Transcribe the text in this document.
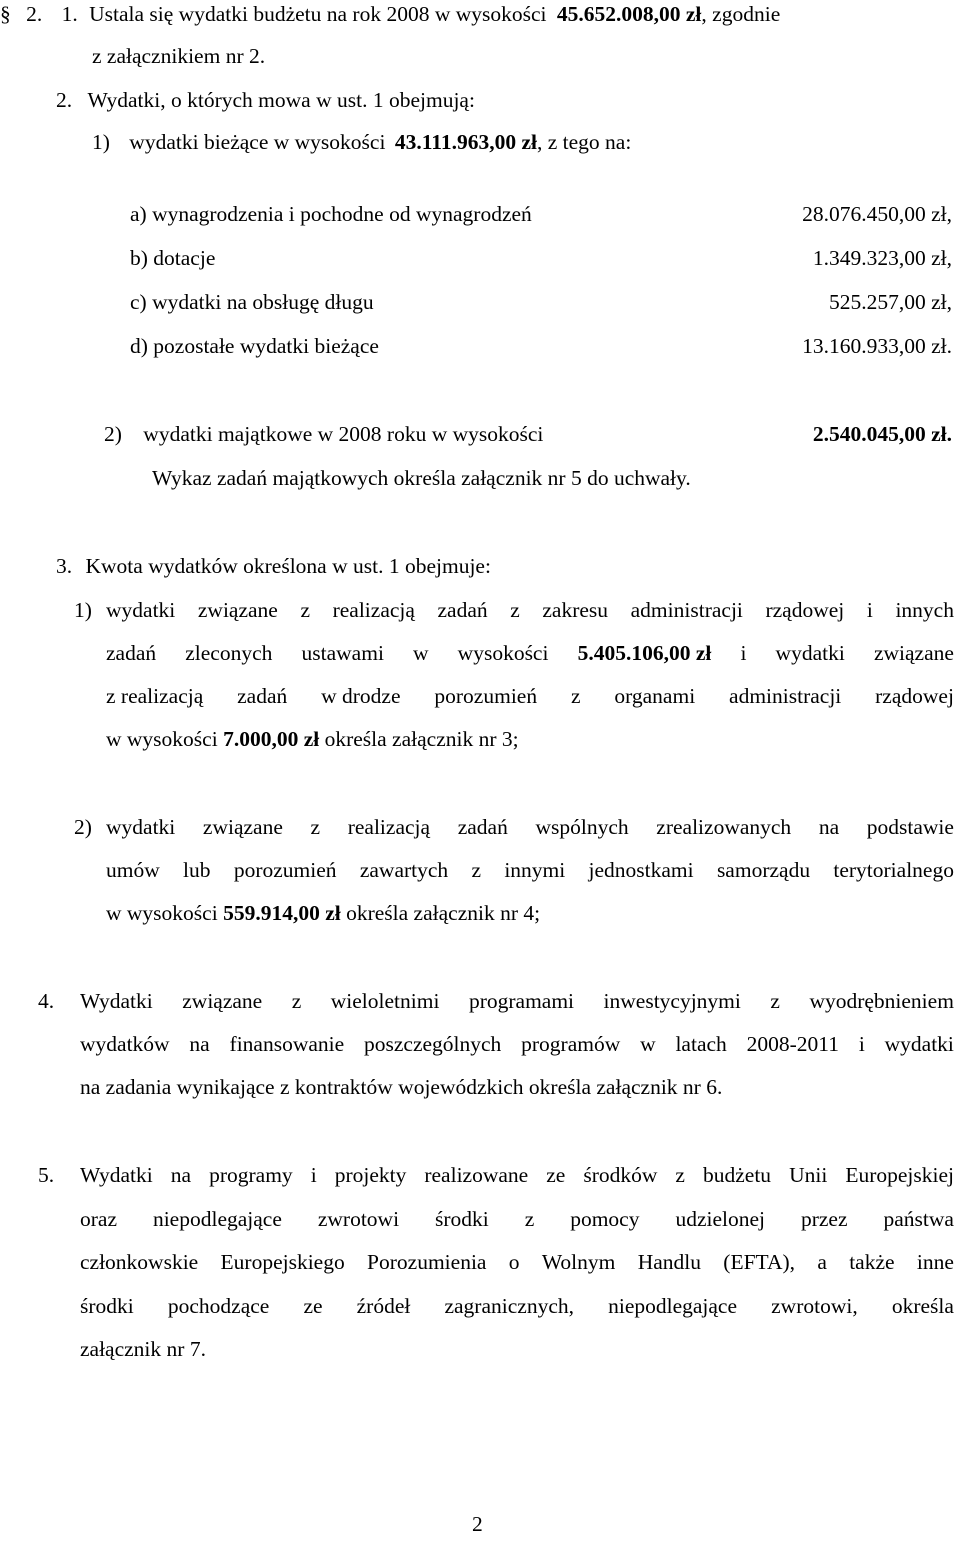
§ 2. 1. Ustala się wydatki budżetu na rok 2008 w wysokości 45.652.008,00 zł, zgodnie
z załącznikiem nr 2.
2. Wydatki, o których mowa w ust. 1 obejmują:
1) wydatki bieżące w wysokości 43.111.963,00 zł, z tego na:
a) wynagrodzenia i pochodne od wynagrodzeń	28.076.450,00 zł,
b) dotacje	1.349.323,00 zł,
c) wydatki na obsługę długu	525.257,00 zł,
d) pozostałe wydatki bieżące	13.160.933,00 zł.
2) wydatki majątkowe w 2008 roku w wysokości	2.540.045,00 zł.
Wykaz zadań majątkowych określa załącznik nr 5 do uchwały.
3. Kwota wydatków określona w ust. 1 obejmuje:
1) wydatki związane z realizacją zadań z zakresu administracji rządowej i innych
zadań zleconych ustawami w wysokości 5.405.106,00 zł i wydatki związane
z realizacją zadań w drodze porozumień z organami administracji rządowej
w wysokości 7.000,00 zł określa załącznik nr 3;
2) wydatki związane z realizacją zadań wspólnych zrealizowanych na podstawie
umów lub porozumień zawartych z innymi jednostkami samorządu terytorialnego
w wysokości 559.914,00 zł określa załącznik nr 4;
4. Wydatki związane z wieloletnimi programami inwestycyjnymi z wyodrębnieniem
wydatków na finansowanie poszczególnych programów w latach 2008-2011 i wydatki
na zadania wynikające z kontraktów wojewódzkich określa załącznik nr 6.
5. Wydatki na programy i projekty realizowane ze środków z budżetu Unii Europejskiej
oraz niepodlegające zwrotowi środki z pomocy udzielonej przez państwa
członkowskie Europejskiego Porozumienia o Wolnym Handlu (EFTA), a także inne
środki pochodzące ze źródeł zagranicznych, niepodlegające zwrotowi, określa
załącznik nr 7.
2
